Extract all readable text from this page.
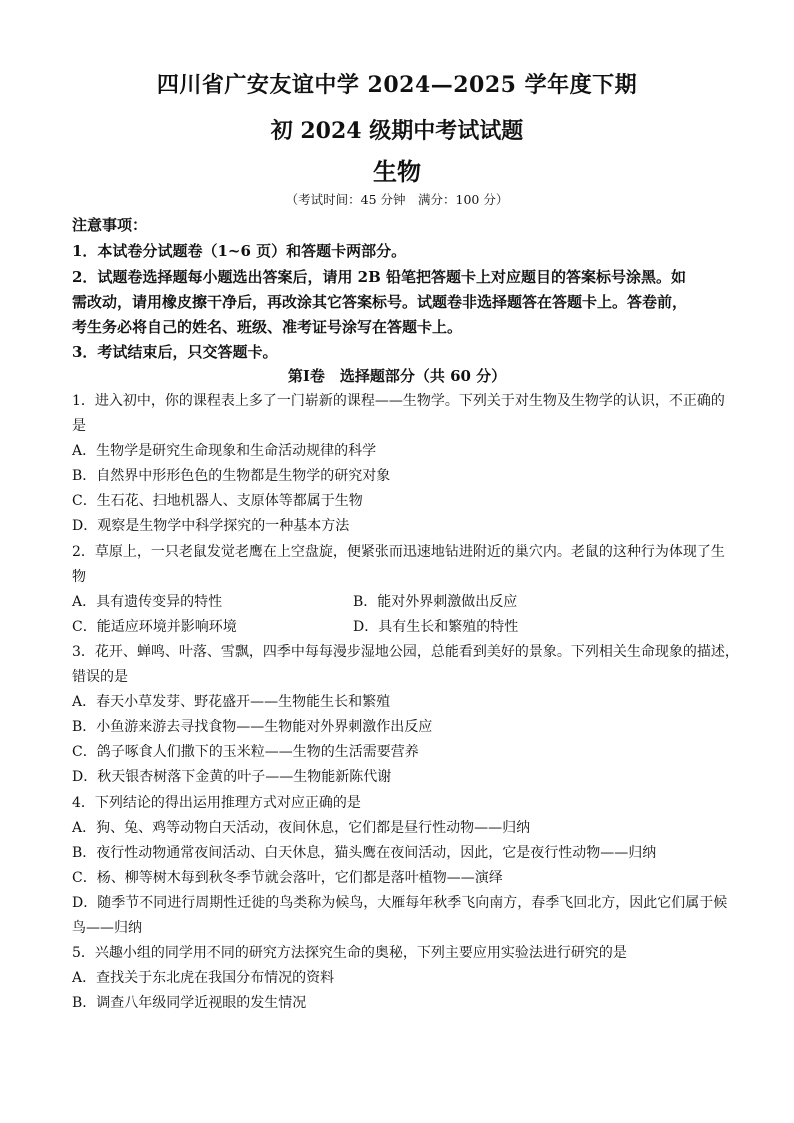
四川省广安友谊中学 2024—2025 学年度下期
初 2024 级期中考试试题
生物
（考试时间：45 分钟　满分：100 分）
注意事项：
1．本试卷分试题卷（1~6 页）和答题卡两部分。
2．试题卷选择题每小题选出答案后，请用 2B 铅笔把答题卡上对应题目的答案标号涂黑。如
需改动，请用橡皮擦干净后，再改涂其它答案标号。试题卷非选择题答在答题卡上。答卷前，
考生务必将自己的姓名、班级、准考证号涂写在答题卡上。
3．考试结束后，只交答题卡。
第Ⅰ卷　选择题部分（共 60 分）
1．进入初中，你的课程表上多了一门崭新的课程——生物学。下列关于对生物及生物学的认识，不正确的
是
A．生物学是研究生命现象和生命活动规律的科学
B．自然界中形形色色的生物都是生物学的研究对象
C．生石花、扫地机器人、支原体等都属于生物
D．观察是生物学中科学探究的一种基本方法
2．草原上，一只老鼠发觉老鹰在上空盘旋，便紧张而迅速地钻进附近的巢穴内。老鼠的这种行为体现了生
物
A．具有遗传变异的特性	B．能对外界刺激做出反应
C．能适应环境并影响环境	D．具有生长和繁殖的特性
3．花开、蝉鸣、叶落、雪飘，四季中每每漫步湿地公园，总能看到美好的景象。下列相关生命现象的描述，
错误的是
A．春天小草发芽、野花盛开——生物能生长和繁殖
B．小鱼游来游去寻找食物——生物能对外界刺激作出反应
C．鸽子啄食人们撒下的玉米粒——生物的生活需要营养
D．秋天银杏树落下金黄的叶子——生物能新陈代谢
4．下列结论的得出运用推理方式对应正确的是
A．狗、兔、鸡等动物白天活动，夜间休息，它们都是昼行性动物——归纳
B．夜行性动物通常夜间活动、白天休息，猫头鹰在夜间活动，因此，它是夜行性动物——归纳
C．杨、柳等树木每到秋冬季节就会落叶，它们都是落叶植物——演绎
D．随季节不同进行周期性迁徙的鸟类称为候鸟，大雁每年秋季飞向南方，春季飞回北方，因此它们属于候
鸟——归纳
5．兴趣小组的同学用不同的研究方法探究生命的奥秘，下列主要应用实验法进行研究的是
A．查找关于东北虎在我国分布情况的资料
B．调查八年级同学近视眼的发生情况
